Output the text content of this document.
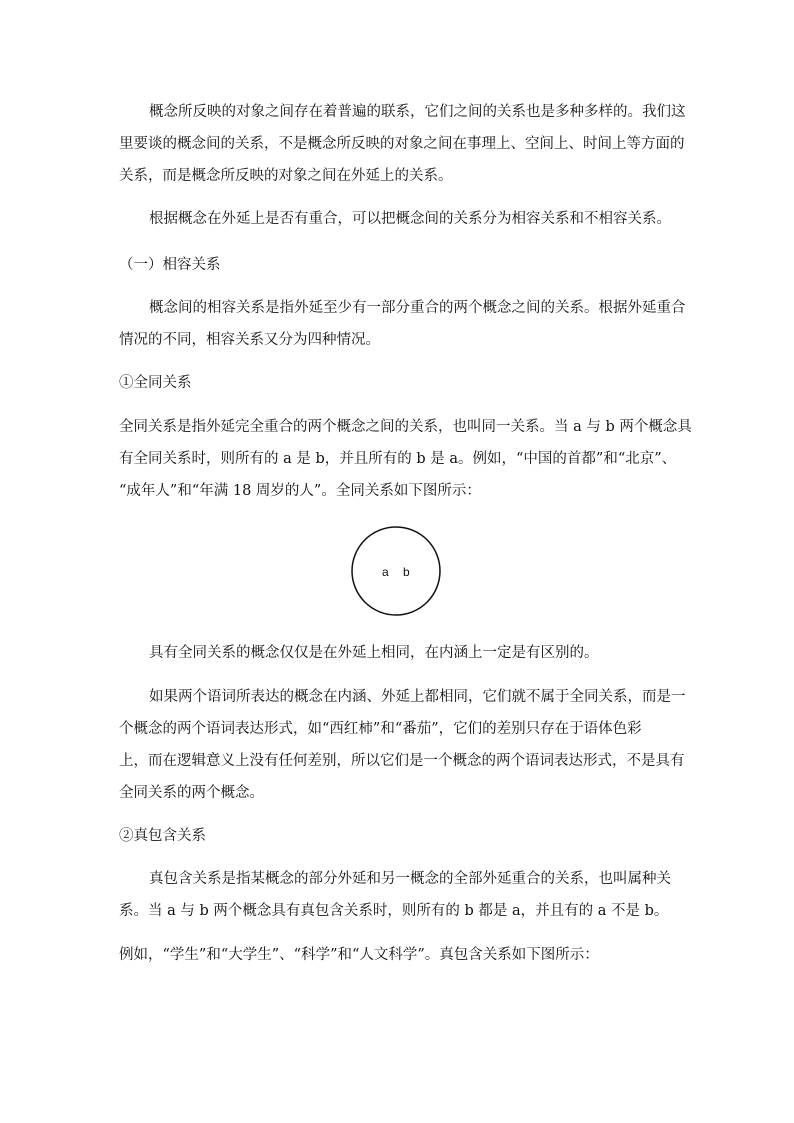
概念所反映的对象之间存在着普遍的联系，它们之间的关系也是多种多样的。我们这
里要谈的概念间的关系，不是概念所反映的对象之间在事理上、空间上、时间上等方面的
关系，而是概念所反映的对象之间在外延上的关系。
根据概念在外延上是否有重合，可以把概念间的关系分为相容关系和不相容关系。
（一）相容关系
概念间的相容关系是指外延至少有一部分重合的两个概念之间的关系。根据外延重合
情况的不同，相容关系又分为四种情况。
①全同关系
全同关系是指外延完全重合的两个概念之间的关系，也叫同一关系。当 a 与 b 两个概念具
有全同关系时，则所有的 a 是 b，并且所有的 b 是 a。例如，“中国的首都”和“北京”、
“成年人”和“年满 18 周岁的人”。全同关系如下图所示：
a b
具有全同关系的概念仅仅是在外延上相同，在内涵上一定是有区别的。
如果两个语词所表达的概念在内涵、外延上都相同，它们就不属于全同关系，而是一
个概念的两个语词表达形式，如“西红柿”和“番茄”，它们的差别只存在于语体色彩
上，而在逻辑意义上没有任何差别，所以它们是一个概念的两个语词表达形式，不是具有
全同关系的两个概念。
②真包含关系
真包含关系是指某概念的部分外延和另一概念的全部外延重合的关系，也叫属种关
系。当 a 与 b 两个概念具有真包含关系时，则所有的 b 都是 a，并且有的 a 不是 b。
例如，“学生”和“大学生”、“科学”和“人文科学”。真包含关系如下图所示：
